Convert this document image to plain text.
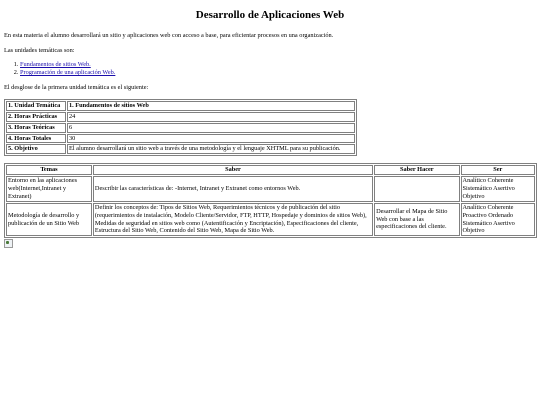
Desarrollo de Aplicaciones Web

En esta materia el alumno desarrollará un sitio y aplicaciones web con acceso a base, para eficientar procesos en una organización.

Las unidades temáticas son:

1. Fundamentos de sitios Web.
2. Programación de una aplicación Web.

El desglose de la primera unidad temática es el siguiente:

1. Unidad Temática	1. Fundamentos de sitios Web
2. Horas Prácticas	24
3. Horas Teóricas	6
4. Horas Totales	30
5. Objetivo	El alumno desarrollará un sitio web a través de una metodología y el lenguaje XHTML para su publicación.
Temas	Saber	Saber Hacer	Ser
Entorno en las aplicaciones web(Internet,Intranet y Extranet)	Describir las características de: -Internet, Intranet y Extranet como entornos Web.		Analítico Coherente Sistemático Asertivo Objetivo
Metodología de desarrollo y publicación de un Sitio Web	Definir los conceptos de: Tipos de Sitios Web, Requerimientos técnicos y de publicación del sitio (requerimientos de instalación, Modelo Cliente/Servidor, FTP, HTTP, Hospedaje y dominios de sitios Web), Medidas de seguridad en sitios web como (Autentificación y Encriptación), Especificaciones del cliente, Estructura del Sitio Web, Contenido del Sitio Web, Mapa de Sitio Web.	Desarrollar el Mapa de Sitio Web con base a las especificaciones del cliente.	Analítico Coherente Proactivo Ordenado Sistemático Asertivo Objetivo
